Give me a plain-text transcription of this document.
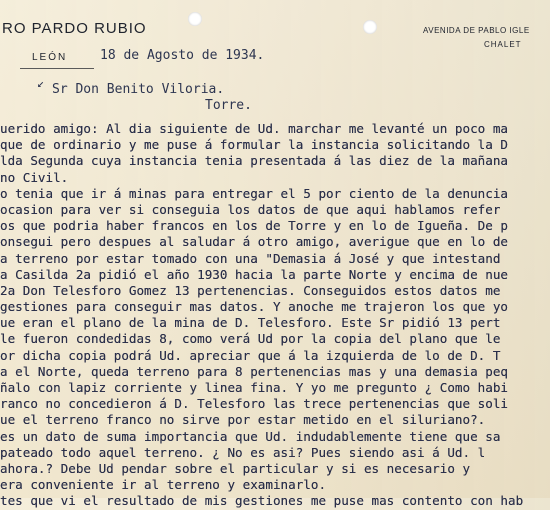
RO PARDO RUBIO
LEÓN
AVENIDA DE PABLO IGLE
CHALET
18 de Agosto de 1934.
↙ Sr Don Benito Viloria.
Torre.
uerido amigo: Al dia siguiente de Ud. marchar me levanté un poco ma
que de ordinario y me puse á formular la instancia solicitando la D
lda Segunda cuya instancia tenia presentada á las diez de la mañana
no Civil.
o tenia que ir á minas para entregar el 5 por ciento de la denuncia
ocasion para ver si conseguia los datos de que aqui hablamos refer
os que podria haber francos en los de Torre y en lo de Igueña. De p
onsegui pero despues al saludar á otro amigo, averigue que en lo de
a terreno por estar tomado con una "Demasia á José y que intestand
a Casilda 2a pidió el año 1930 hacia la parte Norte y encima de nue
2a Don Telesforo Gomez 13 pertenencias. Conseguidos estos datos me
gestiones para conseguir mas datos. Y anoche me trajeron los que yo
ue eran el plano de la mina de D. Telesforo. Este Sr pidió 13 pert
le fueron condedidas 8, como verá Ud por la copia del plano que le
or dicha copia podrá Ud. apreciar que á la izquierda de lo de D. T
a el Norte, queda terreno para 8 pertenencias mas y una demasia peq
ñalo con lapiz corriente y linea fina. Y yo me pregunto ¿ Como habi
ranco no concedieron á D. Telesforo las trece pertenencias que soli
ue el terreno franco no sirve por estar metido en el siluriano?.
es un dato de suma importancia que Ud. indudablemente tiene que sa
pateado todo aquel terreno. ¿ No es asi? Pues siendo asi á Ud. l
ahora.? Debe Ud pendar sobre el particular y si es necesario y
era conveniente ir al terreno y examinarlo.
tes que vi el resultado de mis gestiones me puse mas contento con hab
